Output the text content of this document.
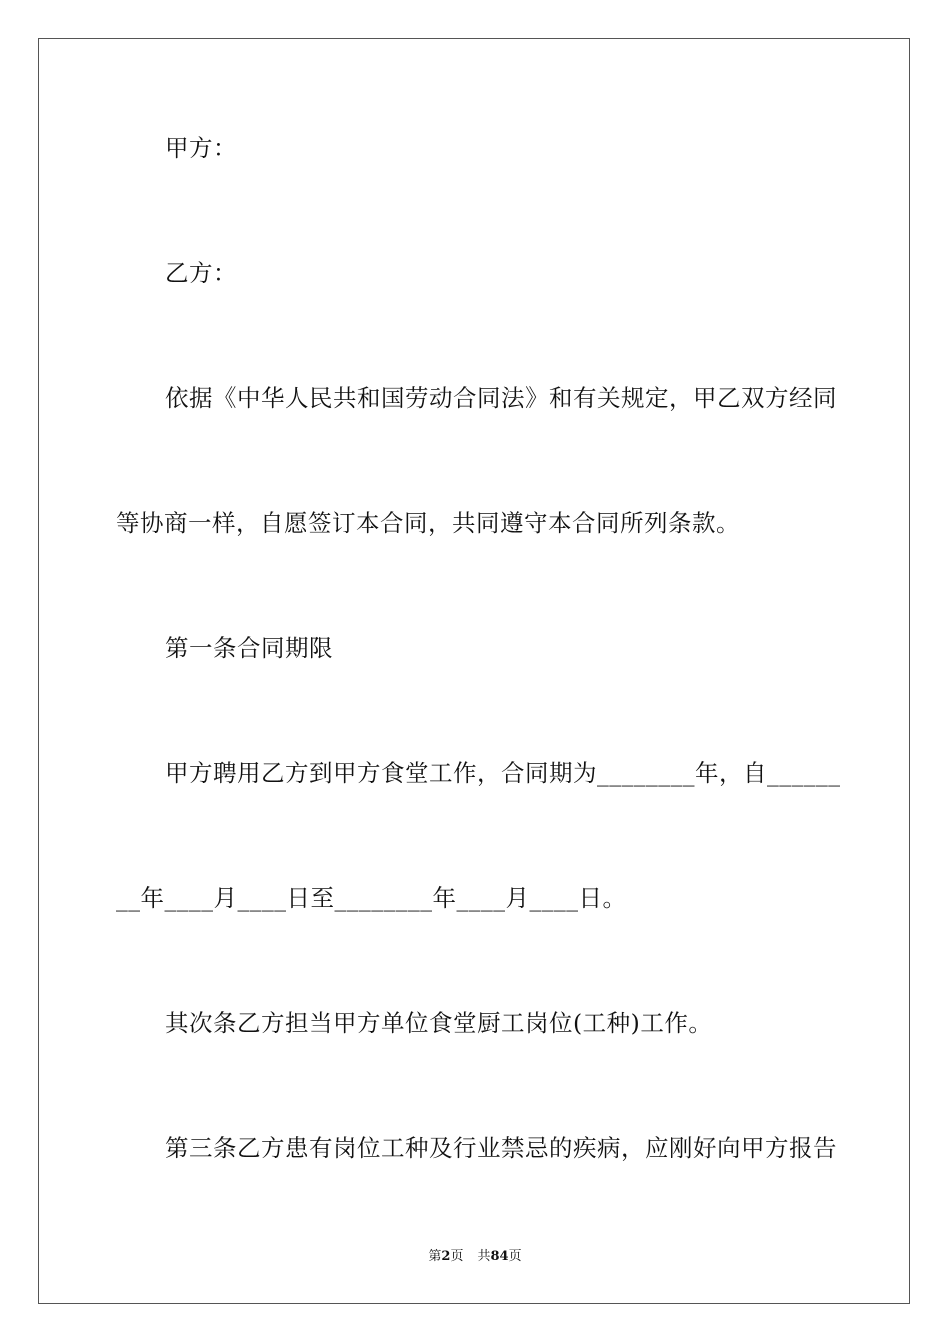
甲方：
乙方：
依据《中华人民共和国劳动合同法》和有关规定，甲乙双方经同
等协商一样，自愿签订本合同，共同遵守本合同所列条款。
第一条合同期限
甲方聘用乙方到甲方食堂工作，合同期为________年，自______
__年____月____日至________年____月____日。
其次条乙方担当甲方单位食堂厨工岗位(工种)工作。
第三条乙方患有岗位工种及行业禁忌的疾病，应刚好向甲方报告
第2页 共84页
